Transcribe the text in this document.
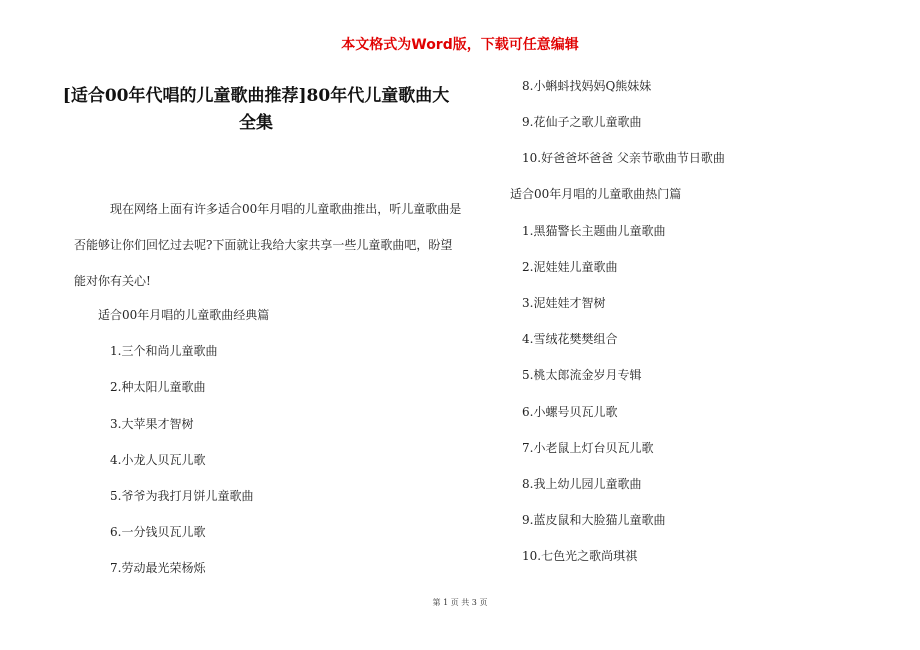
本文格式为Word版，下载可任意编辑
[适合00年代唱的儿童歌曲推荐]80年代儿童歌曲大全集
现在网络上面有许多适合00年月唱的儿童歌曲推出，听儿童歌曲是否能够让你们回忆过去呢?下面就让我给大家共享一些儿童歌曲吧，盼望能对你有关心!
适合00年月唱的儿童歌曲经典篇
1.三个和尚儿童歌曲
2.种太阳儿童歌曲
3.大苹果才智树
4.小龙人贝瓦儿歌
5.爷爷为我打月饼儿童歌曲
6.一分钱贝瓦儿歌
7.劳动最光荣杨烁
8.小蝌蚪找妈妈Q熊妹妹
9.花仙子之歌儿童歌曲
10.好爸爸坏爸爸 父亲节歌曲节日歌曲
适合00年月唱的儿童歌曲热门篇
1.黑猫警长主题曲儿童歌曲
2.泥娃娃儿童歌曲
3.泥娃娃才智树
4.雪绒花樊樊组合
5.桃太郎流金岁月专辑
6.小螺号贝瓦儿歌
7.小老鼠上灯台贝瓦儿歌
8.我上幼儿园儿童歌曲
9.蓝皮鼠和大脸猫儿童歌曲
10.七色光之歌尚琪祺
第 1 页 共 3 页
